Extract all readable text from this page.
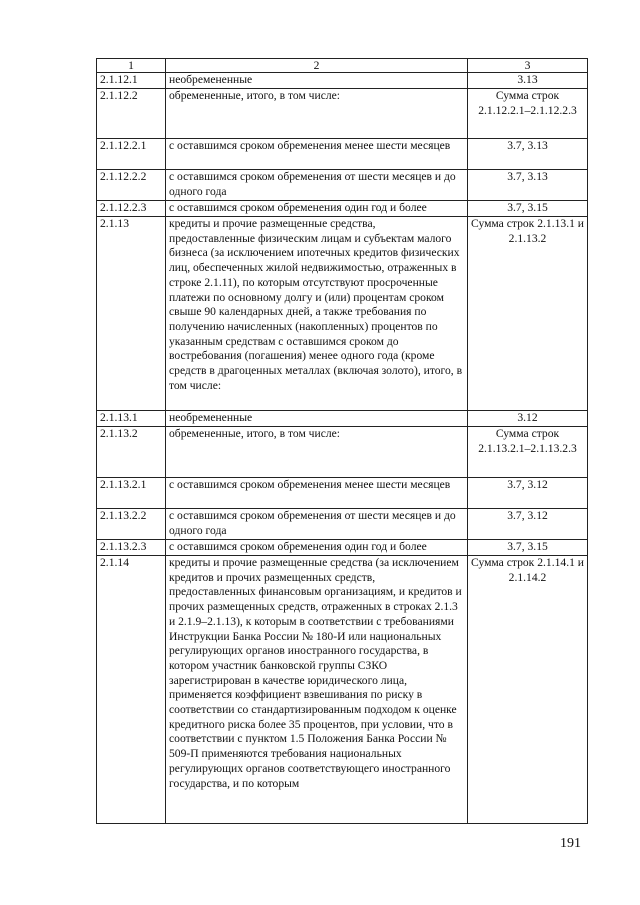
1	2	3
2.1.12.1	необремененные	3.13
2.1.12.2	обремененные, итого, в том числе:	Сумма строк 2.1.12.2.1–2.1.12.2.3
2.1.12.2.1	с оставшимся сроком обременения менее шести месяцев	3.7, 3.13
2.1.12.2.2	с оставшимся сроком обременения от шести месяцев и до одного года	3.7, 3.13
2.1.12.2.3	с оставшимся сроком обременения один год и более	3.7, 3.15
2.1.13	кредиты и прочие размещенные средства, предоставленные физическим лицам и субъектам малого бизнеса (за исключением ипотечных кредитов физических лиц, обеспеченных жилой недвижимостью, отраженных в строке 2.1.11), по которым отсутствуют просроченные платежи по основному долгу и (или) процентам сроком свыше 90 календарных дней, а также требования по получению начисленных (накопленных) процентов по указанным средствам с оставшимся сроком до востребования (погашения) менее одного года (кроме средств в драгоценных металлах (включая золото), итого, в том числе:	Сумма строк 2.1.13.1 и 2.1.13.2
2.1.13.1	необремененные	3.12
2.1.13.2	обремененные, итого, в том числе:	Сумма строк 2.1.13.2.1–2.1.13.2.3
2.1.13.2.1	с оставшимся сроком обременения менее шести месяцев	3.7, 3.12
2.1.13.2.2	с оставшимся сроком обременения от шести месяцев и до одного года	3.7, 3.12
2.1.13.2.3	с оставшимся сроком обременения один год и более	3.7, 3.15
2.1.14	кредиты и прочие размещенные средства (за исключением кредитов и прочих размещенных средств, предоставленных финансовым организациям, и кредитов и прочих размещенных средств, отраженных в строках 2.1.3 и 2.1.9–2.1.13), к которым в соответствии с требованиями Инструкции Банка России № 180-И или национальных регулирующих органов иностранного государства, в котором участник банковской группы СЗКО зарегистрирован в качестве юридического лица, применяется коэффициент взвешивания по риску в соответствии со стандартизированным подходом к оценке кредитного риска более 35 процентов, при условии, что в соответствии с пунктом 1.5 Положения Банка России № 509-П применяются требования национальных регулирующих органов соответствующего иностранного государства, и по которым	Сумма строк 2.1.14.1 и 2.1.14.2
191
